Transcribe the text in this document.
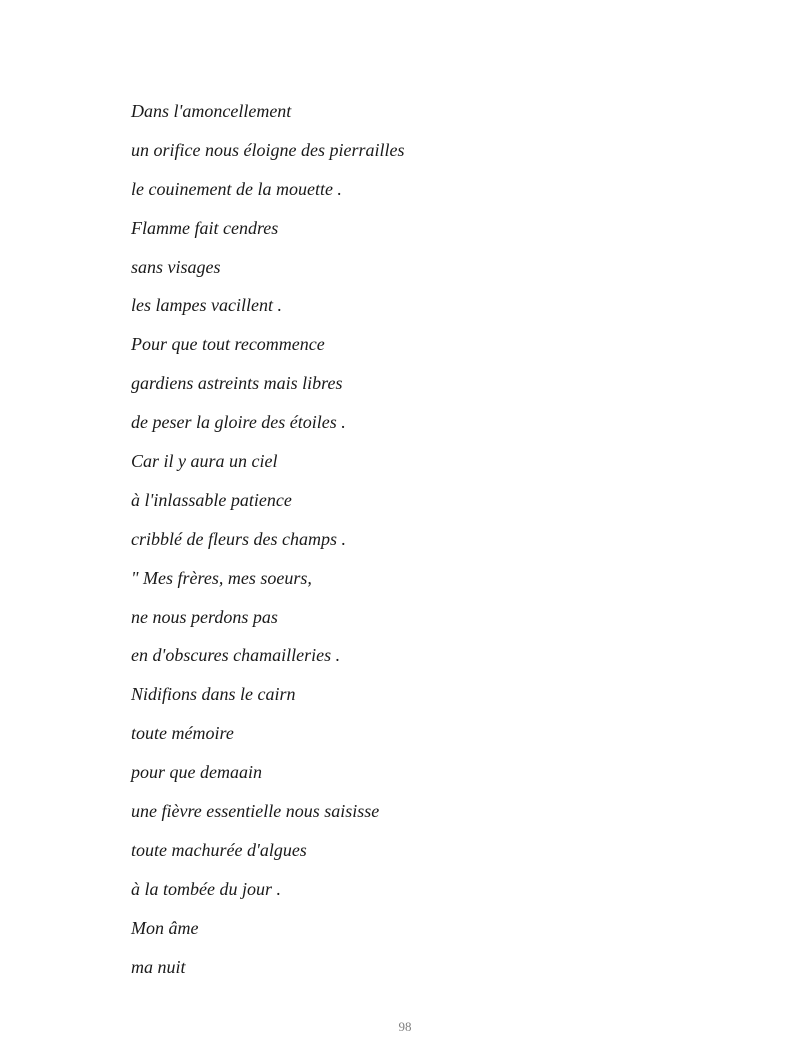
Dans l'amoncellement
un orifice nous éloigne des pierrailles
le couinement de la mouette .
Flamme fait cendres
sans visages
les lampes vacillent .
Pour que tout recommence
gardiens astreints mais libres
de peser la gloire des étoiles .
Car il y aura un ciel
à l'inlassable patience
cribblé de fleurs des champs .
" Mes frères, mes soeurs,
ne nous perdons pas
en d'obscures chamailleries .
Nidifions dans le cairn
toute mémoire
pour que demaain
une fièvre essentielle nous saisisse
toute machurée d'algues
à la tombée du jour .
Mon âme
ma nuit
98
